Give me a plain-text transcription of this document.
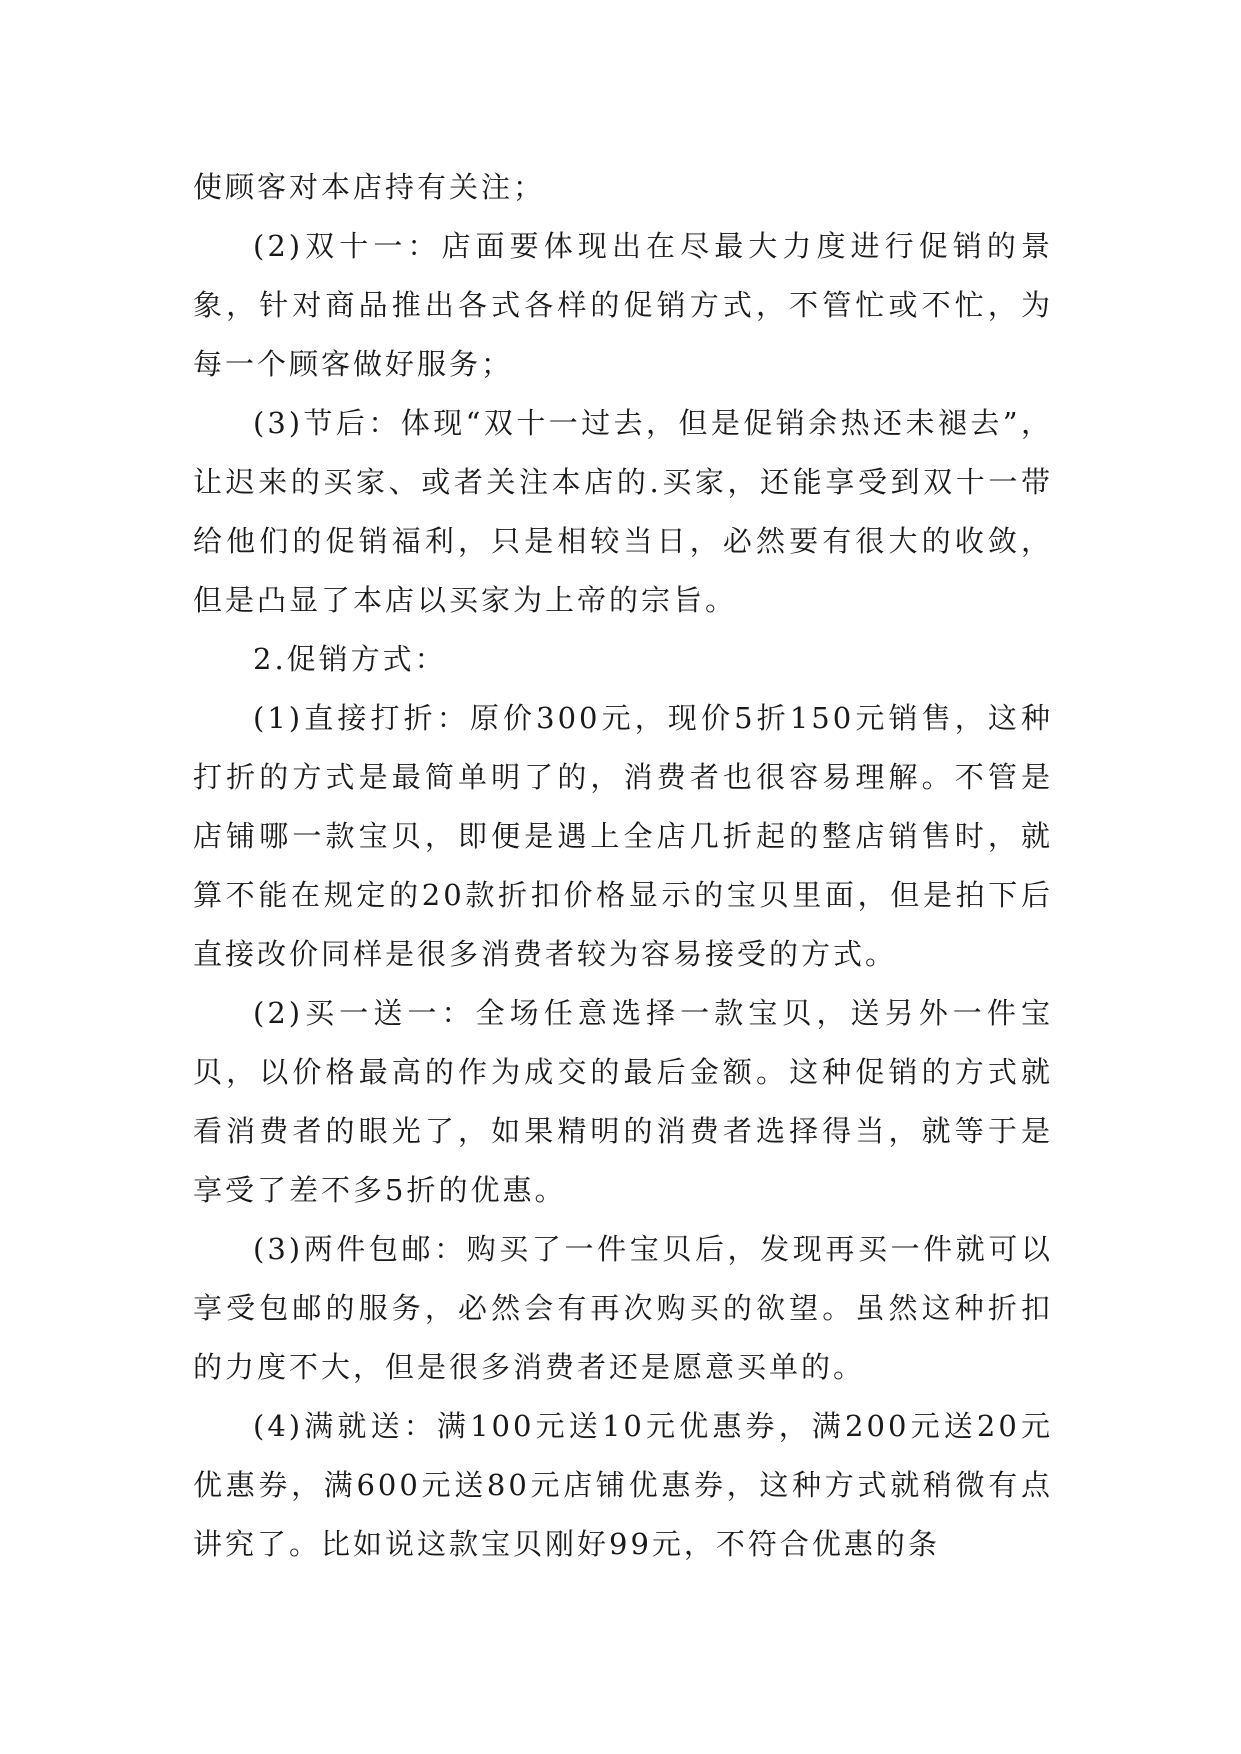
使顾客对本店持有关注；

(2)双十一：店面要体现出在尽最大力度进行促销的景象，针对商品推出各式各样的促销方式，不管忙或不忙，为每一个顾客做好服务；

(3)节后：体现“双十一过去，但是促销余热还未褪去”，让迟来的买家、或者关注本店的.买家，还能享受到双十一带给他们的促销福利，只是相较当日，必然要有很大的收敛，但是凸显了本店以买家为上帝的宗旨。

2.促销方式：

(1)直接打折：原价300元，现价5折150元销售，这种打折的方式是最简单明了的，消费者也很容易理解。不管是店铺哪一款宝贝，即便是遇上全店几折起的整店销售时，就算不能在规定的20款折扣价格显示的宝贝里面，但是拍下后直接改价同样是很多消费者较为容易接受的方式。

(2)买一送一：全场任意选择一款宝贝，送另外一件宝贝，以价格最高的作为成交的最后金额。这种促销的方式就看消费者的眼光了，如果精明的消费者选择得当，就等于是享受了差不多5折的优惠。

(3)两件包邮：购买了一件宝贝后，发现再买一件就可以享受包邮的服务，必然会有再次购买的欲望。虽然这种折扣的力度不大，但是很多消费者还是愿意买单的。

(4)满就送：满100元送10元优惠券，满200元送20元优惠券，满600元送80元店铺优惠券，这种方式就稍微有点讲究了。比如说这款宝贝刚好99元，不符合优惠的条
